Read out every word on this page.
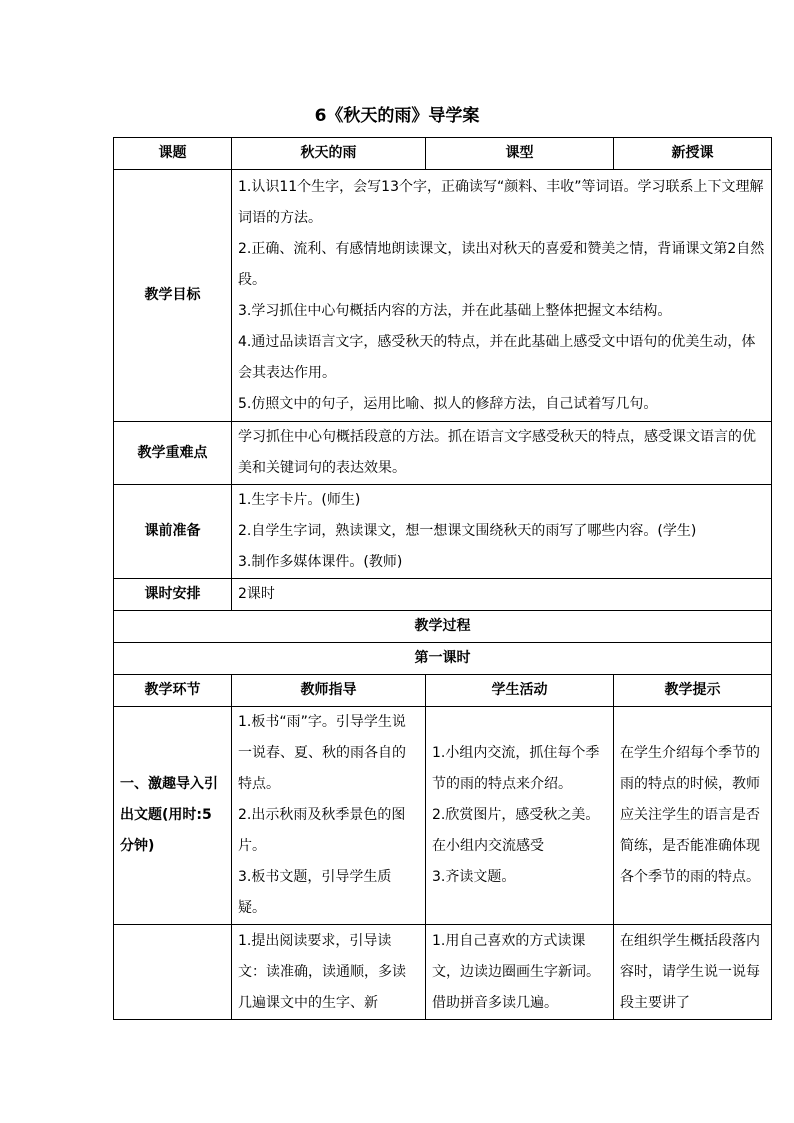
6《秋天的雨》导学案
课题	秋天的雨	课型	新授课
教学目标	1.认识11个生字，会写13个字，正确读写“颜料、丰收”等词语。学习联系上下文理解词语的方法。
2.正确、流利、有感情地朗读课文，读出对秋天的喜爱和赞美之情，背诵课文第2自然段。
3.学习抓住中心句概括内容的方法，并在此基础上整体把握文本结构。
4.通过品读语言文字，感受秋天的特点，并在此基础上感受文中语句的优美生动，体会其表达作用。
5.仿照文中的句子，运用比喻、拟人的修辞方法，自己试着写几句。		

教学重难点	学习抓住中心句概括段意的方法。抓在语言文字感受秋天的特点，感受课文语言的优美和关键词句的表达效果。		
课前准备	1.生字卡片。(师生)
2.自学生字词，熟读课文，想一想课文围绕秋天的雨写了哪些内容。(学生)
3.制作多媒体课件。(教师)		

课时安排	2课时		
教学过程			
第一课时			
教学环节	教师指导	学生活动	教学提示
一、激趣导入引出文题(用时:5分钟)	1.板书“雨”字。引导学生说一说春、夏、秋的雨各自的特点。
2.出示秋雨及秋季景色的图片。
3.板书文题，引导学生质疑。	1.小组内交流，抓住每个季节的雨的特点来介绍。
2.欣赏图片，感受秋之美。在小组内交流感受
3.齐读文题。	在学生介绍每个季节的雨的特点的时候，教师应关注学生的语言是否简练，是否能准确体现各个季节的雨的特点。

	1.提出阅读要求，引导读文：读准确，读通顺，多读几遍课文中的生字、新	1.用自己喜欢的方式读课文，边读边圈画生字新词。借助拼音多读几遍。	在组织学生概括段落内容时，请学生说一说每段主要讲了
